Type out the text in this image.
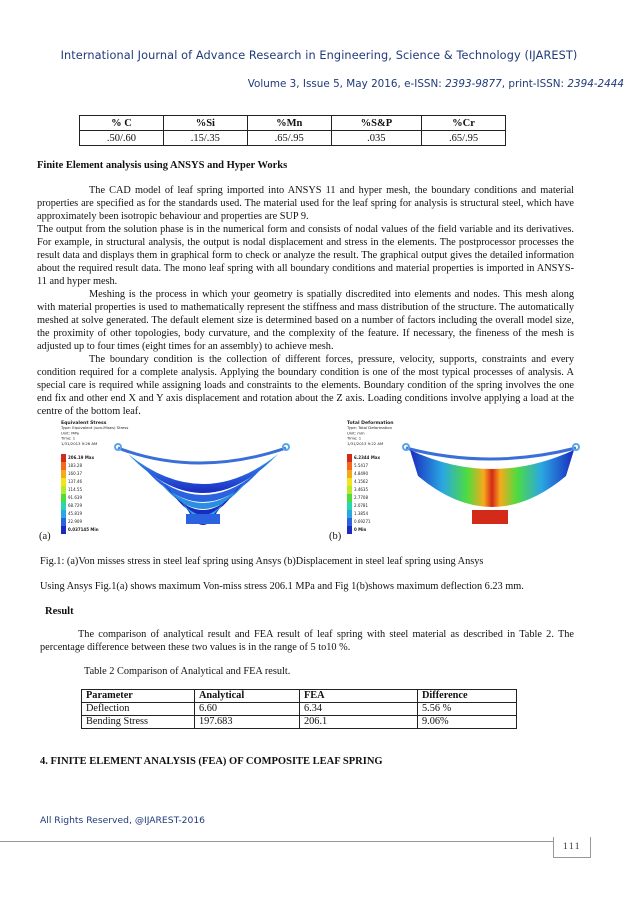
International Journal of Advance Research in Engineering, Science & Technology (IJAREST)
Volume 3, Issue 5, May 2016, e-ISSN: 2393-9877, print-ISSN: 2394-2444
% C	%Si	%Mn	%S&P	%Cr
.50/.60	.15/.35	.65/.95	.035	.65/.95
Finite Element analysis using ANSYS and Hyper Works

The CAD model of leaf spring imported into ANSYS 11 and hyper mesh, the boundary conditions and material properties are specified as for the standards used. The material used for the leaf spring for analysis is structural steel, which have approximately been isotropic behaviour and properties are SUP 9.

The output from the solution phase is in the numerical form and consists of nodal values of the field variable and its derivatives. For example, in structural analysis, the output is nodal displacement and stress in the elements. The postprocessor processes the result data and displays them in graphical form to check or analyze the result. The graphical output gives the detailed information about the required result data. The mono leaf spring with all boundary conditions and material properties is imported in ANSYS-11 and hyper mesh.

Meshing is the process in which your geometry is spatially discredited into elements and nodes. This mesh along with material properties is used to mathematically represent the stiffness and mass distribution of the structure. The automatically meshed at solve generated. The default element size is determined based on a number of factors including the overall model size, the proximity of other topologies, body curvature, and the complexity of the feature. If necessary, the fineness of the mesh is adjusted up to four times (eight times for an assembly) to achieve mesh.

The boundary condition is the collection of different forces, pressure, velocity, supports, constraints and every condition required for a complete analysis. Applying the boundary condition is one of the most typical processes of analysis. A special care is required while assigning loads and constraints to the elements. Boundary condition of the spring involves the one end fix and other end X and Y axis displacement and rotation about the Z axis. Loading conditions involve applying a load at the centre of the bottom leaf.

Equivalent Stress
Type: Equivalent (von-Mises) Stress
Unit: MPa
Time: 1
1/31/2013 9:26 AM
206.19 Max
183.28
160.37
137.46
114.55
91.639
68.729
45.819
22.909
0.037145 Min
(a)
Total Deformation
Type: Total Deformation
Unit: mm
Time: 1
1/31/2013 9:22 AM
6.2344 Max
5.5417
4.8490
4.1562
3.4635
2.7708
2.0781
1.3854
0.69271
0 Min
(b)
Fig.1: (a)Von misses stress in steel leaf spring using Ansys (b)Displacement in steel leaf spring using Ansys
Using Ansys Fig.1(a) shows maximum Von-miss stress 206.1 MPa and Fig 1(b)shows maximum deflection 6.23 mm.
Result
The comparison of analytical result and FEA result of leaf spring with steel material as described in Table 2. The percentage difference between these two values is in the range of 5 to10 %.
Table 2 Comparison of Analytical and FEA result.
Parameter	Analytical	FEA	Difference
Deflection	6.60	6.34	5.56 %
Bending Stress	197.683	206.1	9.06%
4. FINITE ELEMENT ANALYSIS (FEA) OF COMPOSITE LEAF SPRING
All Rights Reserved, @IJAREST-2016
111
